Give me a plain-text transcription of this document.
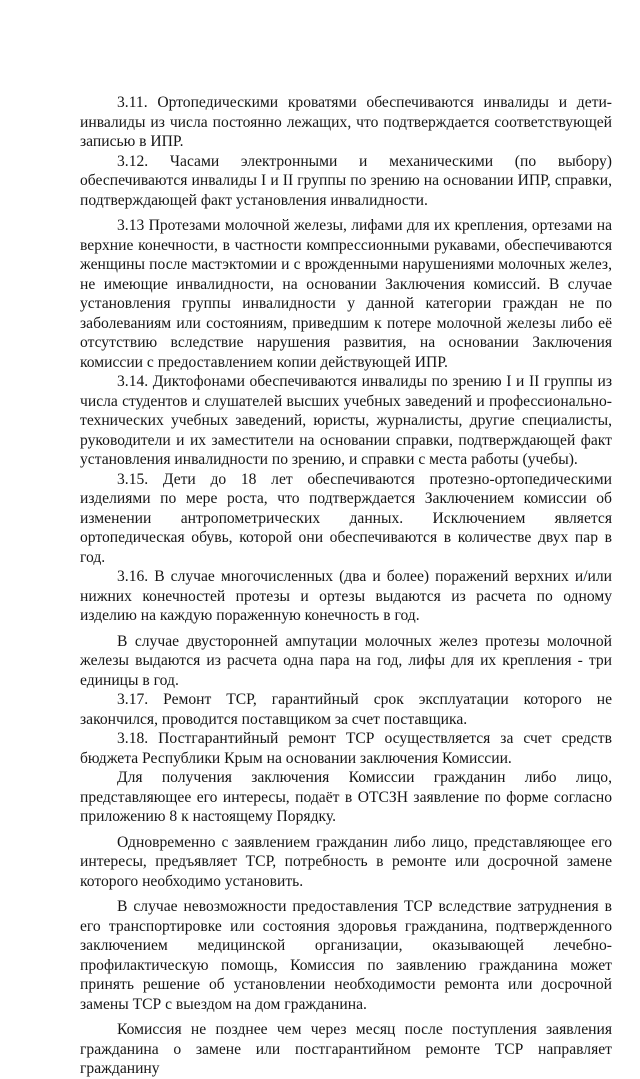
3.11. Ортопедическими кроватями обеспечиваются инвалиды и дети-инвалиды из числа постоянно лежащих, что подтверждается соответствующей записью в ИПР.

3.12. Часами электронными и механическими (по выбору) обеспечиваются инвалиды I и II группы по зрению на основании ИПР, справки, подтверждающей факт установления инвалидности.

3.13 Протезами молочной железы, лифами для их крепления, ортезами на верхние конечности, в частности компрессионными рукавами, обеспечиваются женщины после мастэктомии и с врожденными нарушениями молочных желез, не имеющие инвалидности, на основании Заключения комиссий. В случае установления группы инвалидности у данной категории граждан не по заболеваниям или состояниям, приведшим к потере молочной железы либо её отсутствию вследствие нарушения развития, на основании Заключения комиссии с предоставлением копии действующей ИПР.

3.14. Диктофонами обеспечиваются инвалиды по зрению I и II группы из числа студентов и слушателей высших учебных заведений и профессионально-технических учебных заведений, юристы, журналисты, другие специалисты, руководители и их заместители на основании справки, подтверждающей факт установления инвалидности по зрению, и справки с места работы (учебы).

3.15. Дети до 18 лет обеспечиваются протезно-ортопедическими изделиями по мере роста, что подтверждается Заключением комиссии об изменении антропометрических данных. Исключением является ортопедическая обувь, которой они обеспечиваются в количестве двух пар в год.

3.16. В случае многочисленных (два и более) поражений верхних и/или нижних конечностей протезы и ортезы выдаются из расчета по одному изделию на каждую пораженную конечность в год.

В случае двусторонней ампутации молочных желез протезы молочной железы выдаются из расчета одна пара на год, лифы для их крепления - три единицы в год.

3.17. Ремонт ТСР, гарантийный срок эксплуатации которого не закончился, проводится поставщиком за счет поставщика.

3.18. Постгарантийный ремонт ТСР осуществляется за счет средств бюджета Республики Крым на основании заключения Комиссии.

Для получения заключения Комиссии гражданин либо лицо, представляющее его интересы, подаёт в ОТСЗН заявление по форме согласно приложению 8 к настоящему Порядку.

Одновременно с заявлением гражданин либо лицо, представляющее его интересы, предъявляет ТСР, потребность в ремонте или досрочной замене которого необходимо установить.

В случае невозможности предоставления ТСР вследствие затруднения в его транспортировке или состояния здоровья гражданина, подтвержденного заключением медицинской организации, оказывающей лечебно-профилактическую помощь, Комиссия по заявлению гражданина может принять решение об установлении необходимости ремонта или досрочной замены ТСР с выездом на дом гражданина.

Комиссия не позднее чем через месяц после поступления заявления гражданина о замене или постгарантийном ремонте ТСР направляет гражданину
